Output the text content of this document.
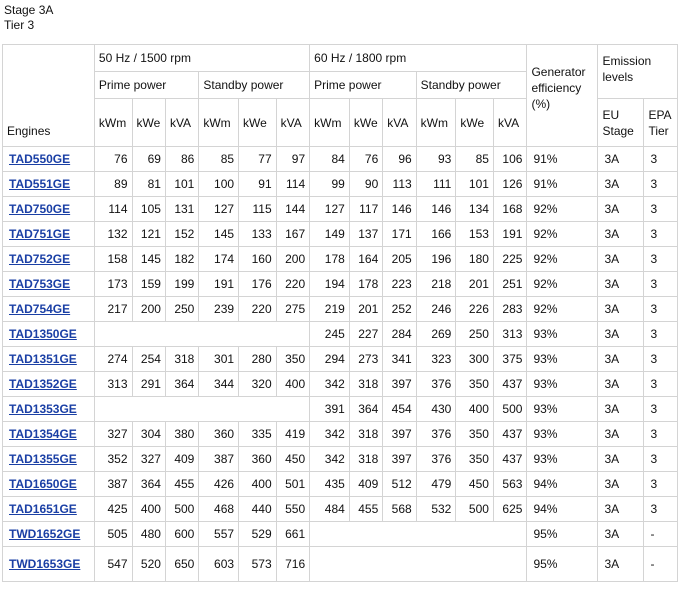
Stage 3A
Tier 3
Engines	50 Hz / 1500 rpm						60 Hz / 1800 rpm						Generator efficiency (%)	Emission levels	
	Prime power			Standby power			Prime power			Standby power					
	kWm	kWe	kVA	kWm	kWe	kVA	kWm	kWe	kVA	kWm	kWe	kVA		EU Stage	EPA Tier
TAD550GE	76	69	86	85	77	97	84	76	96	93	85	106	91%	3A	3
TAD551GE	89	81	101	100	91	114	99	90	113	111	101	126	91%	3A	3
TAD750GE	114	105	131	127	115	144	127	117	146	146	134	168	92%	3A	3
TAD751GE	132	121	152	145	133	167	149	137	171	166	153	191	92%	3A	3
TAD752GE	158	145	182	174	160	200	178	164	205	196	180	225	92%	3A	3
TAD753GE	173	159	199	191	176	220	194	178	223	218	201	251	92%	3A	3
TAD754GE	217	200	250	239	220	275	219	201	252	246	226	283	92%	3A	3
TAD1350GE							245	227	284	269	250	313	93%	3A	3
TAD1351GE	274	254	318	301	280	350	294	273	341	323	300	375	93%	3A	3
TAD1352GE	313	291	364	344	320	400	342	318	397	376	350	437	93%	3A	3
TAD1353GE							391	364	454	430	400	500	93%	3A	3
TAD1354GE	327	304	380	360	335	419	342	318	397	376	350	437	93%	3A	3
TAD1355GE	352	327	409	387	360	450	342	318	397	376	350	437	93%	3A	3
TAD1650GE	387	364	455	426	400	501	435	409	512	479	450	563	94%	3A	3
TAD1651GE	425	400	500	468	440	550	484	455	568	532	500	625	94%	3A	3
TWD1652GE	505	480	600	557	529	661							95%	3A	-
TWD1653GE	547	520	650	603	573	716							95%	3A	-
